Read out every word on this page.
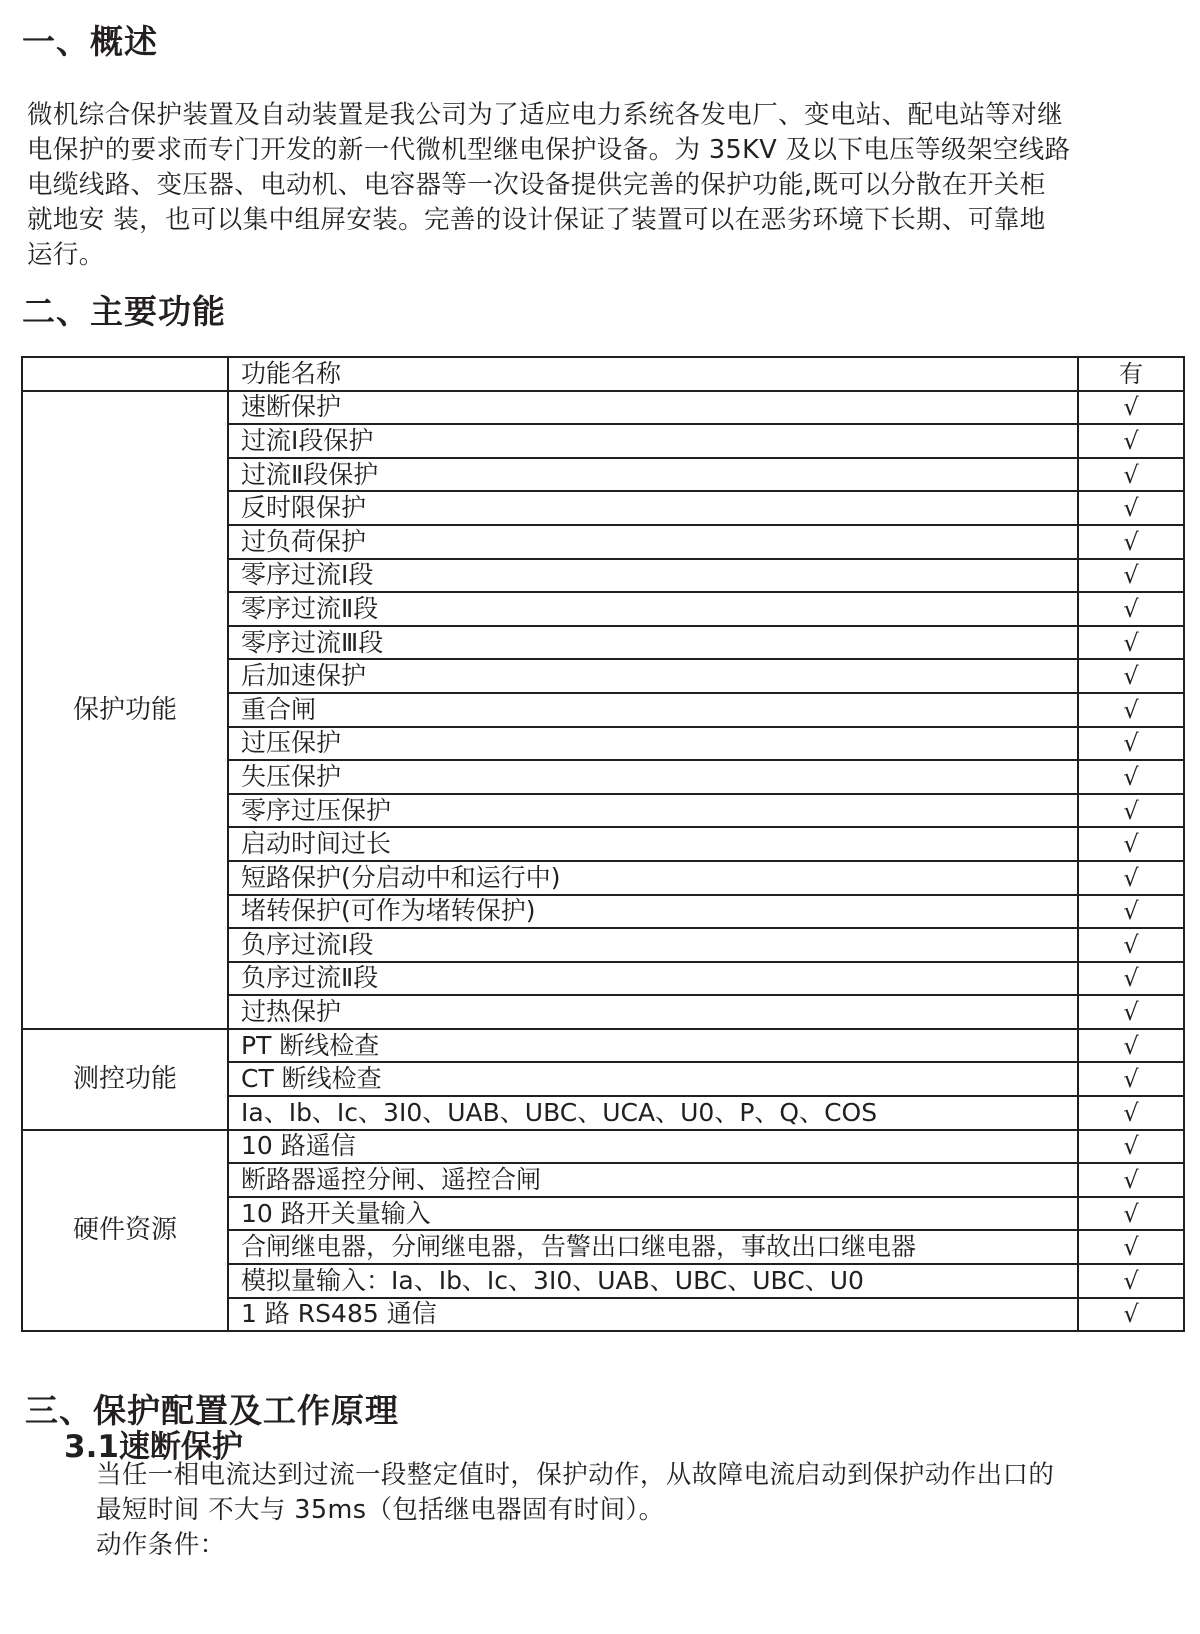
一、概述

微机综合保护装置及自动装置是我公司为了适应电力系统各发电厂、变电站、配电站等对继

电保护的要求而专门开发的新一代微机型继电保护设备。为 35KV 及以下电压等级架空线路

电缆线路、变压器、电动机、电容器等一次设备提供完善的保护功能,既可以分散在开关柜

就地安 装，也可以集中组屏安装。完善的设计保证了装置可以在恶劣环境下长期、可靠地

运行。

二、主要功能
	功能名称	有
保护功能	速断保护	√
	过流Ⅰ段保护	√
	过流Ⅱ段保护	√
	反时限保护	√
	过负荷保护	√
	零序过流Ⅰ段	√
	零序过流Ⅱ段	√
	零序过流Ⅲ段	√
	后加速保护	√
	重合闸	√
	过压保护	√
	失压保护	√
	零序过压保护	√
	启动时间过长	√
	短路保护(分启动中和运行中)	√
	堵转保护(可作为堵转保护)	√
	负序过流Ⅰ段	√
	负序过流Ⅱ段	√
	过热保护	√
测控功能	PT 断线检查	√
	CT 断线检查	√
	Ia、Ib、Ic、3I0、UAB、UBC、UCA、U0、P、Q、COS	√
硬件资源	10 路遥信	√
	断路器遥控分闸、遥控合闸	√
	10 路开关量输入	√
	合闸继电器，分闸继电器，告警出口继电器，事故出口继电器	√
	模拟量输入：Ia、Ib、Ic、3I0、UAB、UBC、UBC、U0	√
	1 路 RS485 通信	√
三、保护配置及工作原理
3.1速断保护

当任一相电流达到过流一段整定值时，保护动作，从故障电流启动到保护动作出口的

最短时间 不大与 35ms（包括继电器固有时间）。

动作条件：
